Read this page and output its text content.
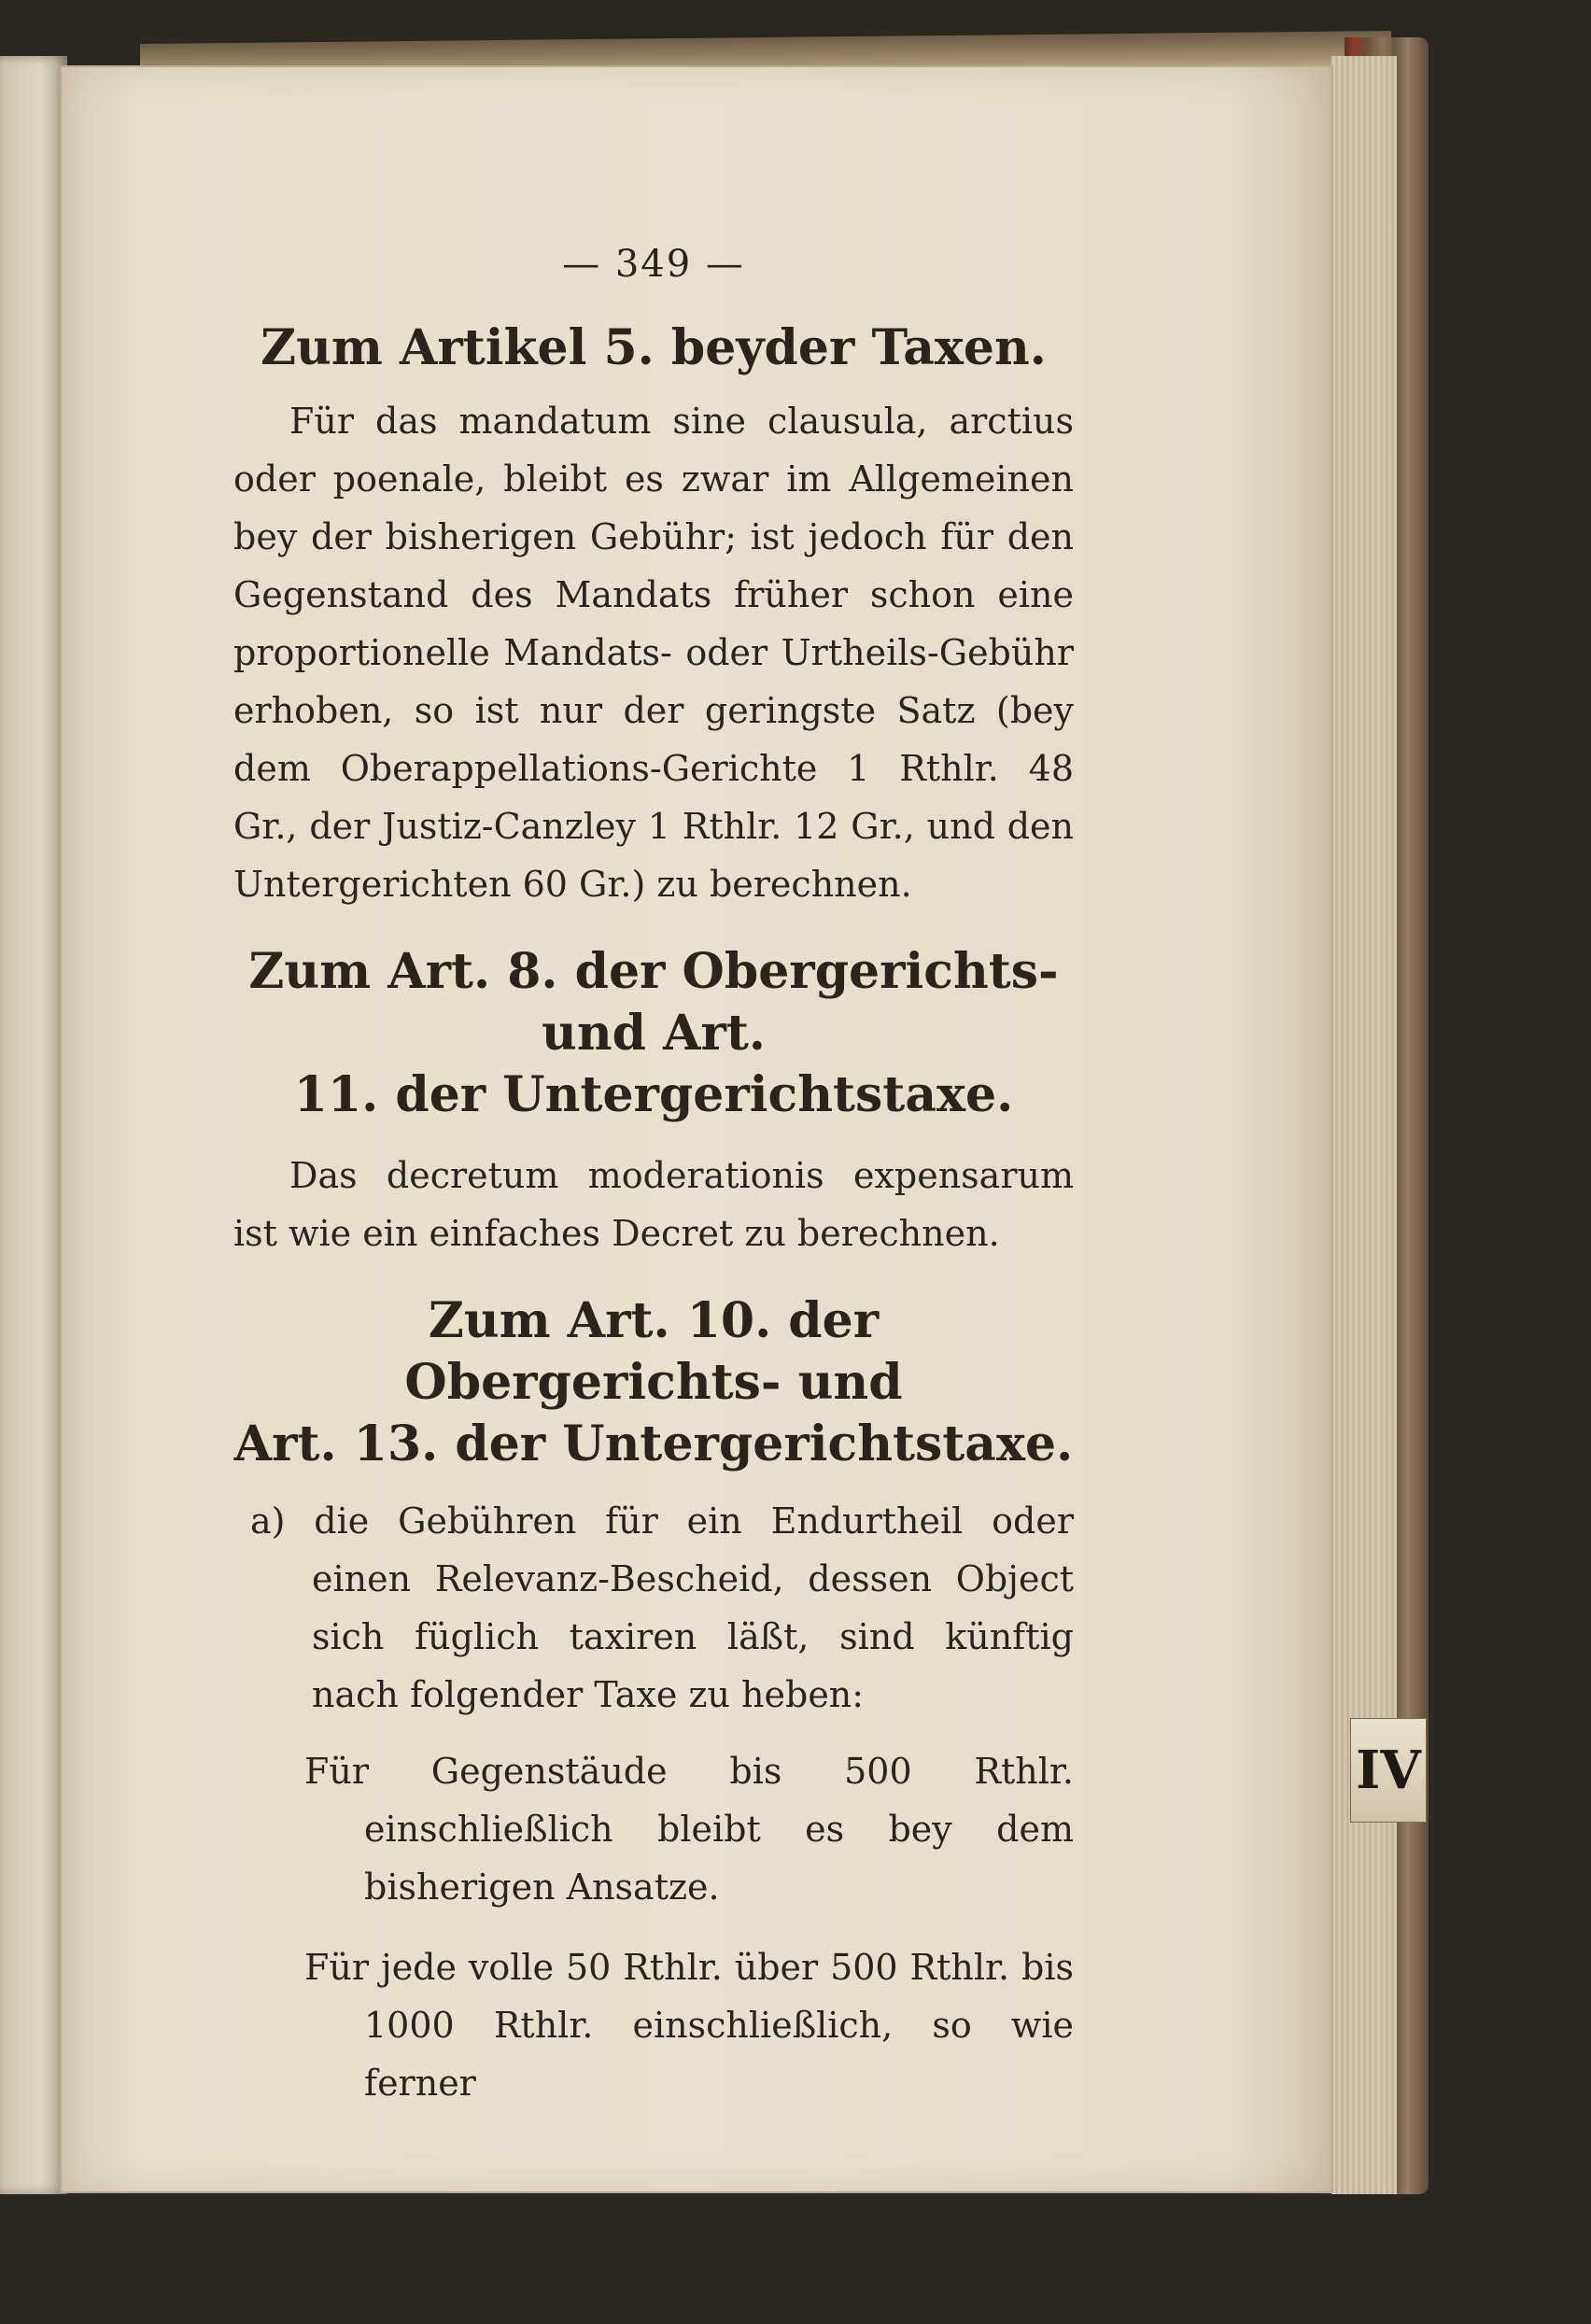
IV
— 349 —
Zum Artikel 5. beyder Taxen.

Für das mandatum sine clausula, arctius oder poenale, bleibt es zwar im Allgemeinen bey der bisherigen Gebühr; ist jedoch für den Gegenstand des Mandats früher schon eine proportionelle Mandats- oder Urtheils-Gebühr erhoben, so ist nur der geringste Satz (bey dem Oberappellations-Gerichte 1 Rthlr. 48 Gr., der Justiz-Canzley 1 Rthlr. 12 Gr., und den Untergerichten 60 Gr.) zu berechnen.

Zum Art. 8. der Obergerichts- und Art.
11. der Untergerichtstaxe.

Das decretum moderationis expensarum ist wie ein einfaches Decret zu berechnen.

Zum Art. 10. der Obergerichts- und
Art. 13. der Untergerichtstaxe.

a) die Gebühren für ein Endurtheil oder einen Relevanz-Bescheid, dessen Object sich füglich taxiren läßt, sind künftig nach folgender Taxe zu heben:

Für Gegenstäude bis 500 Rthlr. einschließlich bleibt es bey dem bisherigen Ansatze.

Für jede volle 50 Rthlr. über 500 Rthlr. bis 1000 Rthlr. einschließlich, so wie ferner
